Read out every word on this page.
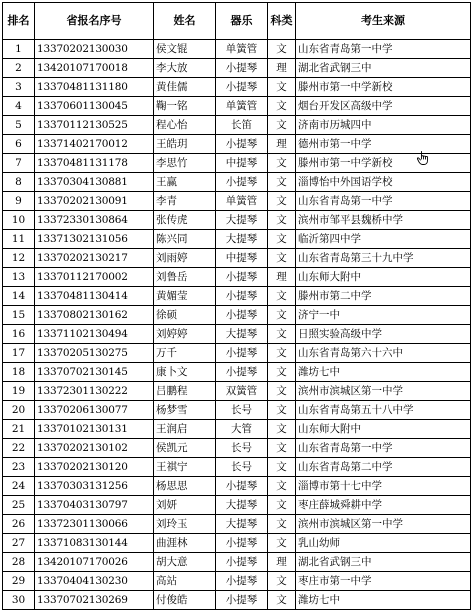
排名	省报名序号	姓名	器乐	科类	考生来源
1	13370202130030	侯文锟	单簧管	文	山东省青岛第一中学
2	13420107170018	李大放	小提琴	理	湖北省武钢三中
3	13370481131180	黄佳儒	小提琴	文	滕州市第一中学新校
4	13370601130045	鞠一铭	单簧管	文	烟台开发区高级中学
5	13370112130525	程心怡	长笛	文	济南市历城四中
6	13371402170012	王皓玥	小提琴	理	德州市第一中学
7	13370481131178	李思竹	中提琴	文	滕州市第一中学新校
8	13370304130881	王赢	小提琴	文	淄博怡中外国语学校
9	13370202130091	李青	单簧管	文	山东省青岛第一中学
10	13372330130864	张传虎	大提琴	文	滨州市邹平县魏桥中学
11	13371302131056	陈兴同	大提琴	文	临沂第四中学
12	13370202130217	刘雨婷	中提琴	文	山东省青岛第三十九中学
13	13370112170002	刘鲁岳	小提琴	理	山东师大附中
14	13370481130414	黄媚莹	小提琴	文	滕州市第二中学
15	13370802130162	徐硕	小提琴	文	济宁一中
16	13371102130494	刘婷婷	大提琴	文	日照实验高级中学
17	13370205130275	万千	小提琴	文	山东省青岛第六十六中
18	13370702130145	康卜文	小提琴	文	潍坊七中
19	13372301130222	吕鹏程	双簧管	文	滨州市滨城区第一中学
20	13370206130077	杨梦雪	长号	文	山东省青岛第五十八中学
21	13370102130131	王润启	大管	文	山东师大附中
22	13370202130102	侯凯元	长号	文	山东省青岛第一中学
23	13370202130120	王祺宁	长号	文	山东省青岛第二中学
24	13370303131256	杨思思	小提琴	文	淄博市第十七中学
25	13370403130797	刘妍	大提琴	文	枣庄薛城舜耕中学
26	13372301130066	刘玲玉	大提琴	文	滨州市滨城区第一中学
27	13371083130144	曲涯林	小提琴	文	乳山幼师
28	13420107170026	胡大意	小提琴	理	湖北省武钢三中
29	13370404130230	高站	小提琴	文	枣庄市第一中学
30	13370702130269	付俊皓	小提琴	文	潍坊七中
